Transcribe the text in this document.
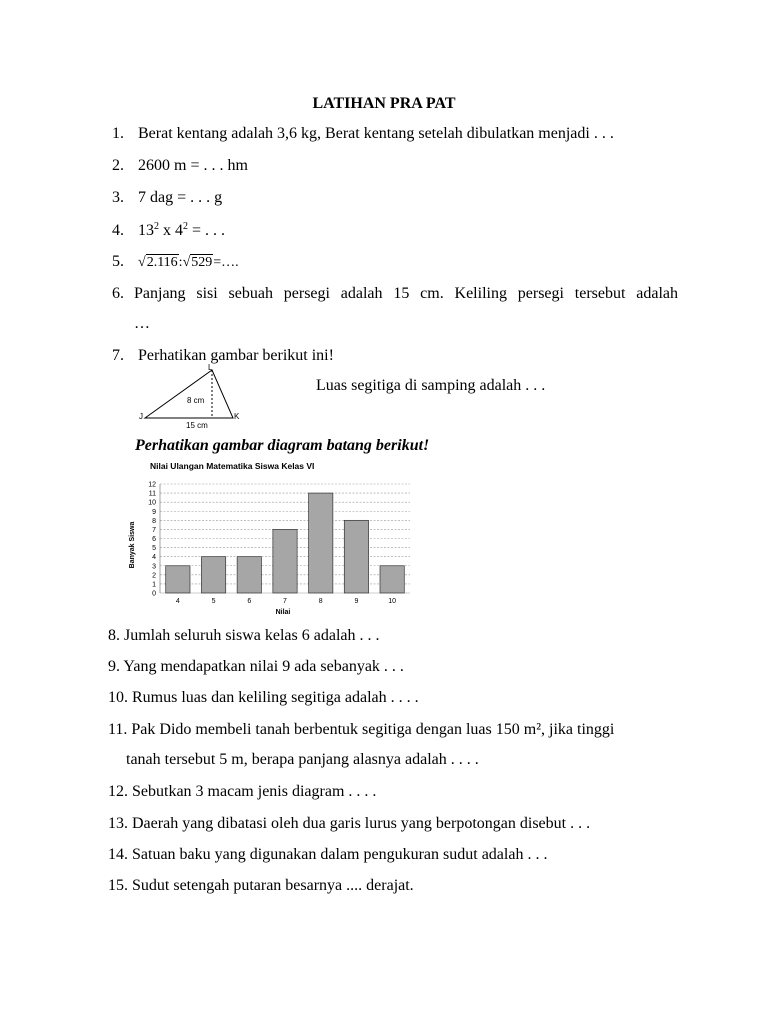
LATIHAN PRA PAT
1. Berat kentang adalah 3,6 kg, Berat kentang setelah dibulatkan menjadi . . .
2. 2600 m = . . . hm
3. 7 dag = . . . g
4. $13^2$ x $4^2$ = . . .
5. √2.116:√529=….
6. Panjang sisi sebuah persegi adalah 15 cm. Keliling persegi tersebut adalah
…
7. Perhatikan gambar berikut ini!
L
J	K
8 cm
15 cm
Luas segitiga di samping adalah . . .
Perhatikan gambar diagram batang berikut!
Nilai Ulangan Matematika Siswa Kelas VI
Banyak Siswa
Nilai
0
1
2
3
4
5
6
7
8
9
10
11
12
4	5	6	7	8	9	10
8. Jumlah seluruh siswa kelas 6 adalah . . .
9. Yang mendapatkan nilai 9 ada sebanyak . . .
10. Rumus luas dan keliling segitiga adalah . . . .
11. Pak Dido membeli tanah berbentuk segitiga dengan luas 150 m², jika tinggi
tanah tersebut 5 m, berapa panjang alasnya adalah . . . .
12. Sebutkan 3 macam jenis diagram . . . .
13. Daerah yang dibatasi oleh dua garis lurus yang berpotongan disebut . . .
14. Satuan baku yang digunakan dalam pengukuran sudut adalah . . .
15. Sudut setengah putaran besarnya .... derajat.
